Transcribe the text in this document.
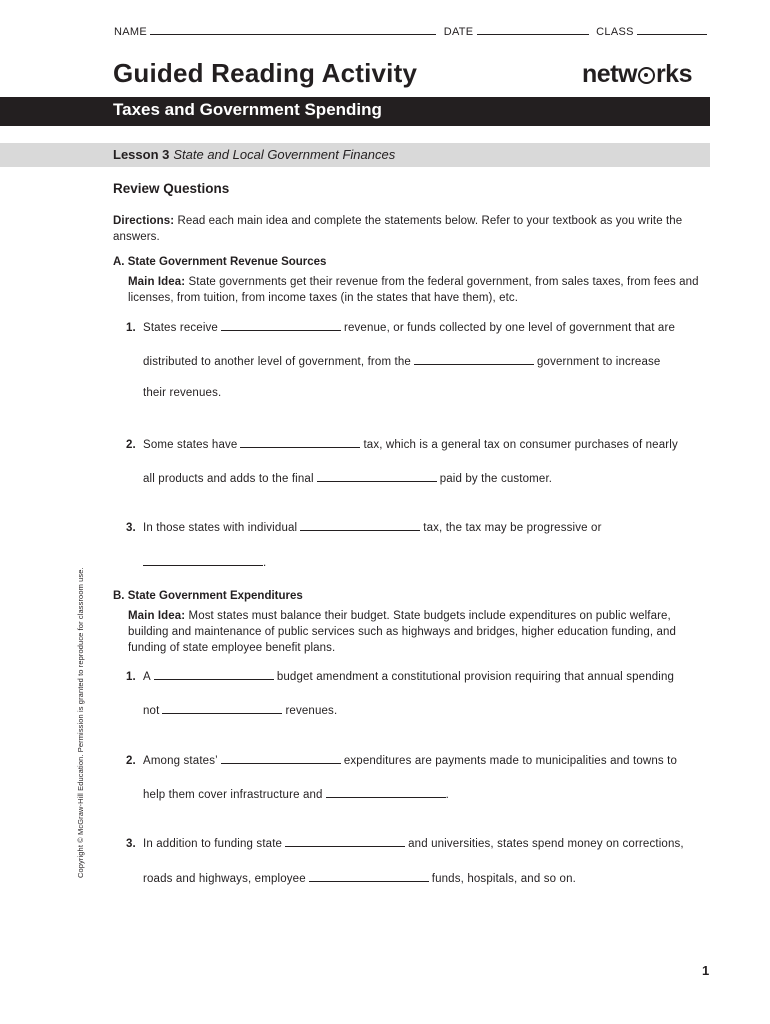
NAME	DATE	CLASS
Guided Reading Activity	netw rks
Taxes and Government Spending
Lesson 3 State and Local Government Finances
Review Questions
Directions: Read each main idea and complete the statements below. Refer to your textbook as you write the answers.
A. State Government Revenue Sources
Main Idea: State governments get their revenue from the federal government, from sales taxes, from fees and licenses, from tuition, from income taxes (in the states that have them), etc.
1. States receive	revenue, or funds collected by one level of government that are
distributed to another level of government, from the	government to increase
their revenues.
2. Some states have	tax, which is a general tax on consumer purchases of nearly
all products and adds to the final	paid by the customer.
3. In those states with individual	tax, the tax may be progressive or
.
B. State Government Expenditures
Main Idea: Most states must balance their budget. State budgets include expenditures on public welfare, building and maintenance of public services such as highways and bridges, higher education funding, and funding of state employee benefit plans.
1. A	budget amendment a constitutional provision requiring that annual spending
not	revenues.
2. Among states’	expenditures are payments made to municipalities and towns to
help them cover infrastructure and	.
3. In addition to funding state	and universities, states spend money on corrections,
roads and highways, employee	funds, hospitals, and so on.
Copyright © McGraw-Hill Education. Permission is granted to reproduce for classroom use.
1
